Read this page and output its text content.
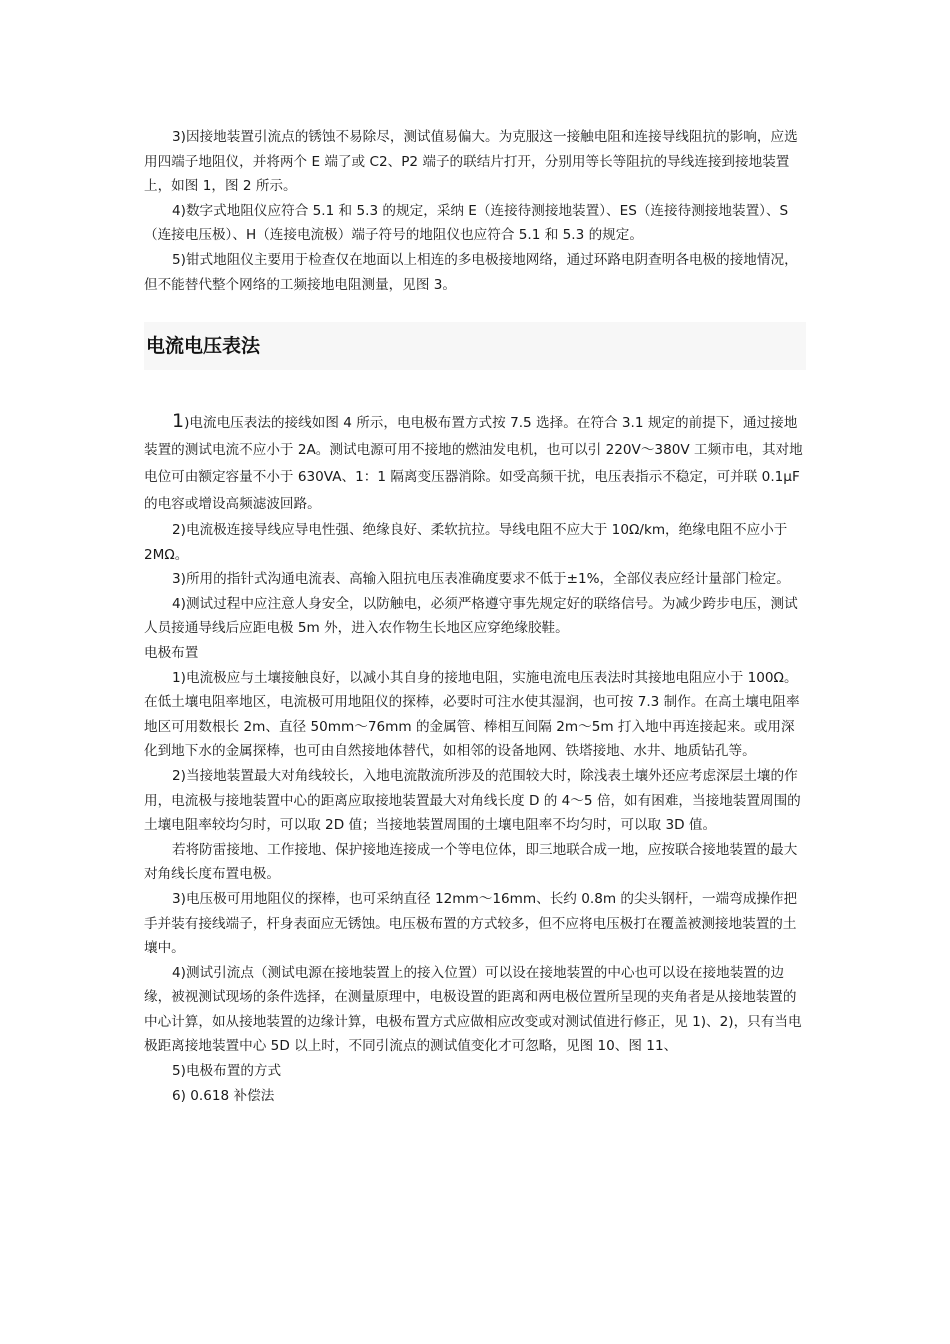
3)因接地装置引流点的锈蚀不易除尽，测试值易偏大。为克服这一接触电阻和连接导线阻抗的影响，应选用四端子地阻仪，并将两个 E 端了或 C2、P2 端子的联结片打开，分别用等长等阻抗的导线连接到接地装置上，如图 1，图 2 所示。

4)数字式地阻仪应符合 5.1 和 5.3 的规定，采纳 E（连接待测接地装置）、ES（连接待测接地装置）、S（连接电压极）、H（连接电流极）端子符号的地阻仪也应符合 5.1 和 5.3 的规定。

5)钳式地阻仪主要用于检查仅在地面以上相连的多电极接地网络，通过环路电阴查明各电极的接地情况，但不能替代整个网络的工频接地电阻测量，见图 3。

电流电压表法

1)电流电压表法的接线如图 4 所示，电电极布置方式按 7.5 选择。在符合 3.1 规定的前提下，通过接地装置的测试电流不应小于 2A。测试电源可用不接地的燃油发电机，也可以引 220V～380V 工频市电，其对地电位可由额定容量不小于 630VA、1：1 隔离变压器消除。如受高频干扰，电压表指示不稳定，可并联 0.1μF 的电容或增设高频滤波回路。

2)电流极连接导线应导电性强、绝缘良好、柔软抗拉。导线电阻不应大于 10Ω/km，绝缘电阻不应小于 2MΩ。

3)所用的指针式沟通电流表、高输入阻抗电压表准确度要求不低于±1%，全部仪表应经计量部门检定。

4)测试过程中应注意人身安全，以防触电，必须严格遵守事先规定好的联络信号。为减少跨步电压，测试人员接通导线后应距电极 5m 外，进入农作物生长地区应穿绝缘胶鞋。

电极布置

1)电流极应与土壤接触良好，以减小其自身的接地电阻，实施电流电压表法时其接地电阻应小于 100Ω。在低土壤电阻率地区，电流极可用地阻仪的探棒，必要时可注水使其湿润，也可按 7.3 制作。在高土壤电阻率地区可用数根长 2m、直径 50mm～76mm 的金属管、棒相互间隔 2m～5m 打入地中再连接起来。或用深化到地下水的金属探棒，也可由自然接地体替代，如相邻的设备地网、铁塔接地、水井、地质钻孔等。

2)当接地装置最大对角线较长，入地电流散流所涉及的范围较大时，除浅表土壤外还应考虑深层土壤的作用，电流极与接地装置中心的距离应取接地装置最大对角线长度 D 的 4～5 倍，如有困难，当接地装置周围的土壤电阻率较均匀时，可以取 2D 值；当接地装置周围的土壤电阻率不均匀时，可以取 3D 值。

若将防雷接地、工作接地、保护接地连接成一个等电位体，即三地联合成一地，应按联合接地装置的最大对角线长度布置电极。

3)电压极可用地阻仪的探棒，也可采纳直径 12mm～16mm、长约 0.8m 的尖头钢杆，一端弯成操作把手并装有接线端子，杆身表面应无锈蚀。电压极布置的方式较多，但不应将电压极打在覆盖被测接地装置的土壤中。

4)测试引流点（测试电源在接地装置上的接入位置）可以设在接地装置的中心也可以设在接地装置的边缘，被视测试现场的条件选择，在测量原理中，电极设置的距离和两电极位置所呈现的夹角者是从接地装置的中心计算，如从接地装置的边缘计算，电极布置方式应做相应改变或对测试值进行修正，见 1)、2)，只有当电极距离接地装置中心 5D 以上时，不同引流点的测试值变化才可忽略，见图 10、图 11、

5)电极布置的方式

6) 0.618 补偿法
